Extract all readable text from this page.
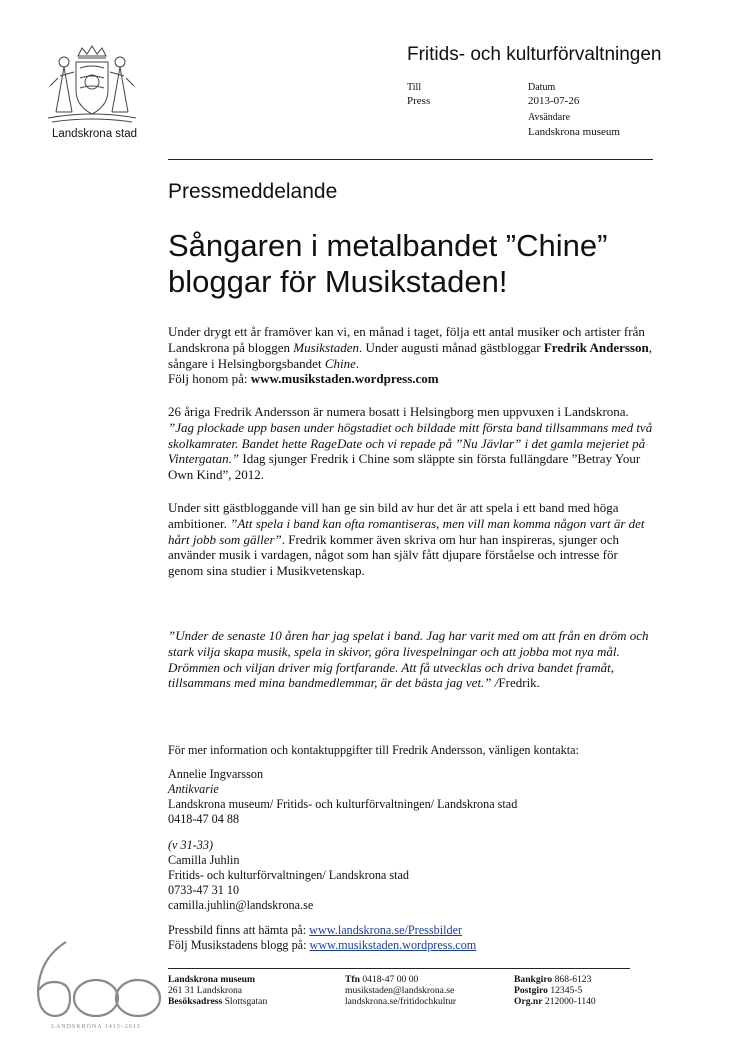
Landskrona stad
Fritids- och kulturförvaltningen
Till
Press
Datum
2013-07-26
Avsändare
Landskrona museum
Pressmeddelande
Sångaren i metalbandet ”Chine”
bloggar för Musikstaden!
Under drygt ett år framöver kan vi, en månad i taget, följa ett antal musiker och artister från Landskrona på bloggen Musikstaden. Under augusti månad gästbloggar Fredrik Andersson, sångare i Helsingborgsbandet Chine.
Följ honom på: www.musikstaden.wordpress.com
26 åriga Fredrik Andersson är numera bosatt i Helsingborg men uppvuxen i Landskrona. ”Jag plockade upp basen under högstadiet och bildade mitt första band tillsammans med två skolkamrater. Bandet hette RageDate och vi repade på ”Nu Jävlar” i det gamla mejeriet på Vintergatan.” Idag sjunger Fredrik i Chine som släppte sin första fullängdare ”Betray Your Own Kind”, 2012.
Under sitt gästbloggande vill han ge sin bild av hur det är att spela i ett band med höga ambitioner. ”Att spela i band kan ofta romantiseras, men vill man komma någon vart är det hårt jobb som gäller”. Fredrik kommer även skriva om hur han inspireras, sjunger och använder musik i vardagen, något som han själv fått djupare förståelse och intresse för genom sina studier i Musikvetenskap.
”Under de senaste 10 åren har jag spelat i band. Jag har varit med om att från en dröm och stark vilja skapa musik, spela in skivor, göra livespelningar och att jobba mot nya mål. Drömmen och viljan driver mig fortfarande. Att få utvecklas och driva bandet framåt, tillsammans med mina bandmedlemmar, är det bästa jag vet.” /Fredrik.
För mer information och kontaktuppgifter till Fredrik Andersson, vänligen kontakta:
Annelie Ingvarsson
Antikvarie
Landskrona museum/ Fritids- och kulturförvaltningen/ Landskrona stad
0418-47 04 88
(v 31-33)
Camilla Juhlin
Fritids- och kulturförvaltningen/ Landskrona stad
0733-47 31 10
camilla.juhlin@landskrona.se
Pressbild finns att hämta på: www.landskrona.se/Pressbilder
Följ Musikstadens blogg på: www.musikstaden.wordpress.com
LANDSKRONA 1413–2013
Landskrona museum
261 31 Landskrona
Besöksadress Slottsgatan
Tfn 0418-47 00 00
musikstaden@landskrona.se
landskrona.se/fritidochkultur
Bankgiro 868-6123
Postgiro 12345-5
Org.nr 212000-1140
